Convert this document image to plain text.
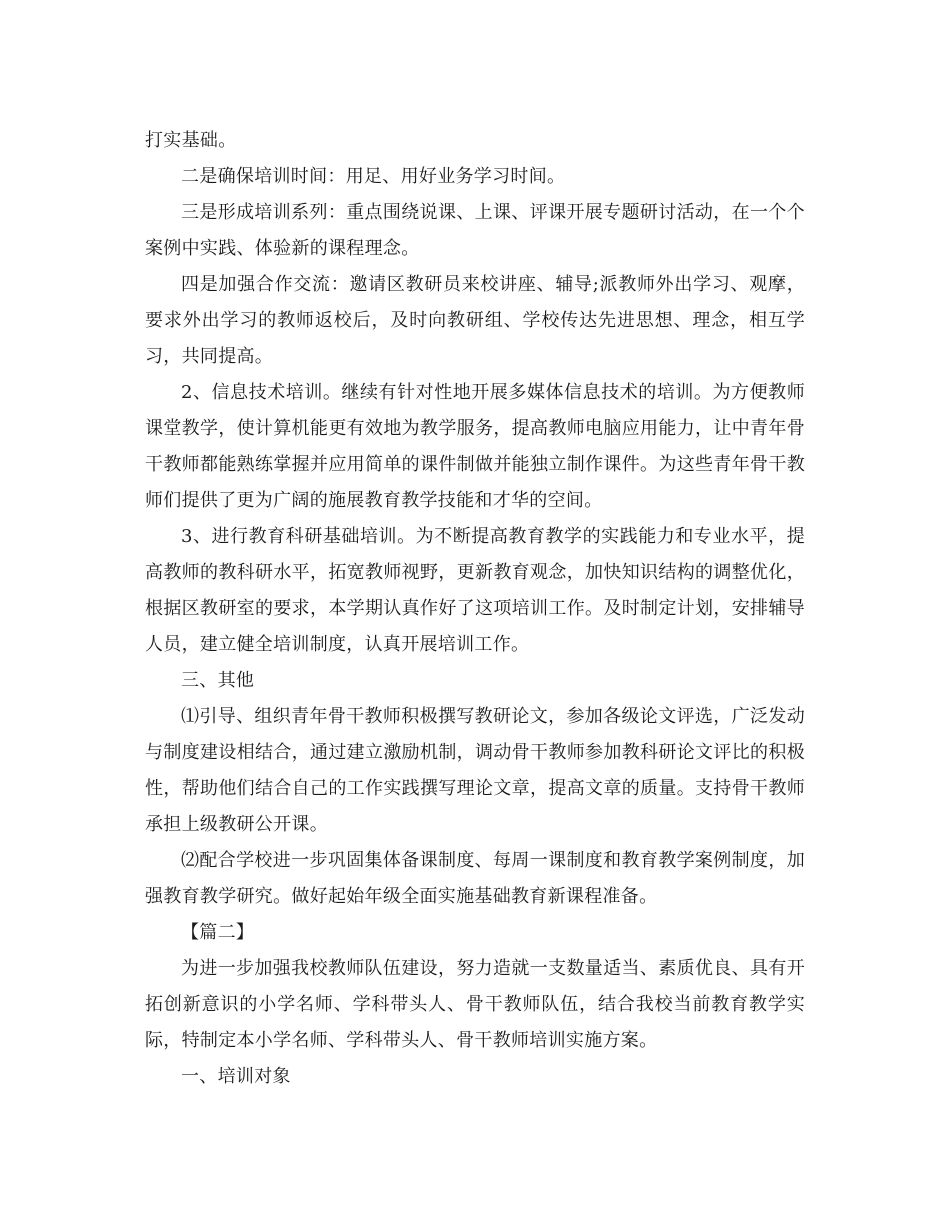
打实基础。

二是确保培训时间：用足、用好业务学习时间。

三是形成培训系列：重点围绕说课、上课、评课开展专题研讨活动，在一个个案例中实践、体验新的课程理念。

四是加强合作交流：邀请区教研员来校讲座、辅导;派教师外出学习、观摩，要求外出学习的教师返校后，及时向教研组、学校传达先进思想、理念，相互学习，共同提高。

2、信息技术培训。继续有针对性地开展多媒体信息技术的培训。为方便教师课堂教学，使计算机能更有效地为教学服务，提高教师电脑应用能力，让中青年骨干教师都能熟练掌握并应用简单的课件制做并能独立制作课件。为这些青年骨干教师们提供了更为广阔的施展教育教学技能和才华的空间。

3、进行教育科研基础培训。为不断提高教育教学的实践能力和专业水平，提高教师的教科研水平，拓宽教师视野，更新教育观念，加快知识结构的调整优化，根据区教研室的要求，本学期认真作好了这项培训工作。及时制定计划，安排辅导人员，建立健全培训制度，认真开展培训工作。

三、其他

⑴引导、组织青年骨干教师积极撰写教研论文，参加各级论文评选，广泛发动与制度建设相结合，通过建立激励机制，调动骨干教师参加教科研论文评比的积极性，帮助他们结合自己的工作实践撰写理论文章，提高文章的质量。支持骨干教师承担上级教研公开课。

⑵配合学校进一步巩固集体备课制度、每周一课制度和教育教学案例制度，加强教育教学研究。做好起始年级全面实施基础教育新课程准备。

【篇二】

为进一步加强我校教师队伍建设，努力造就一支数量适当、素质优良、具有开拓创新意识的小学名师、学科带头人、骨干教师队伍，结合我校当前教育教学实际，特制定本小学名师、学科带头人、骨干教师培训实施方案。

一、培训对象
